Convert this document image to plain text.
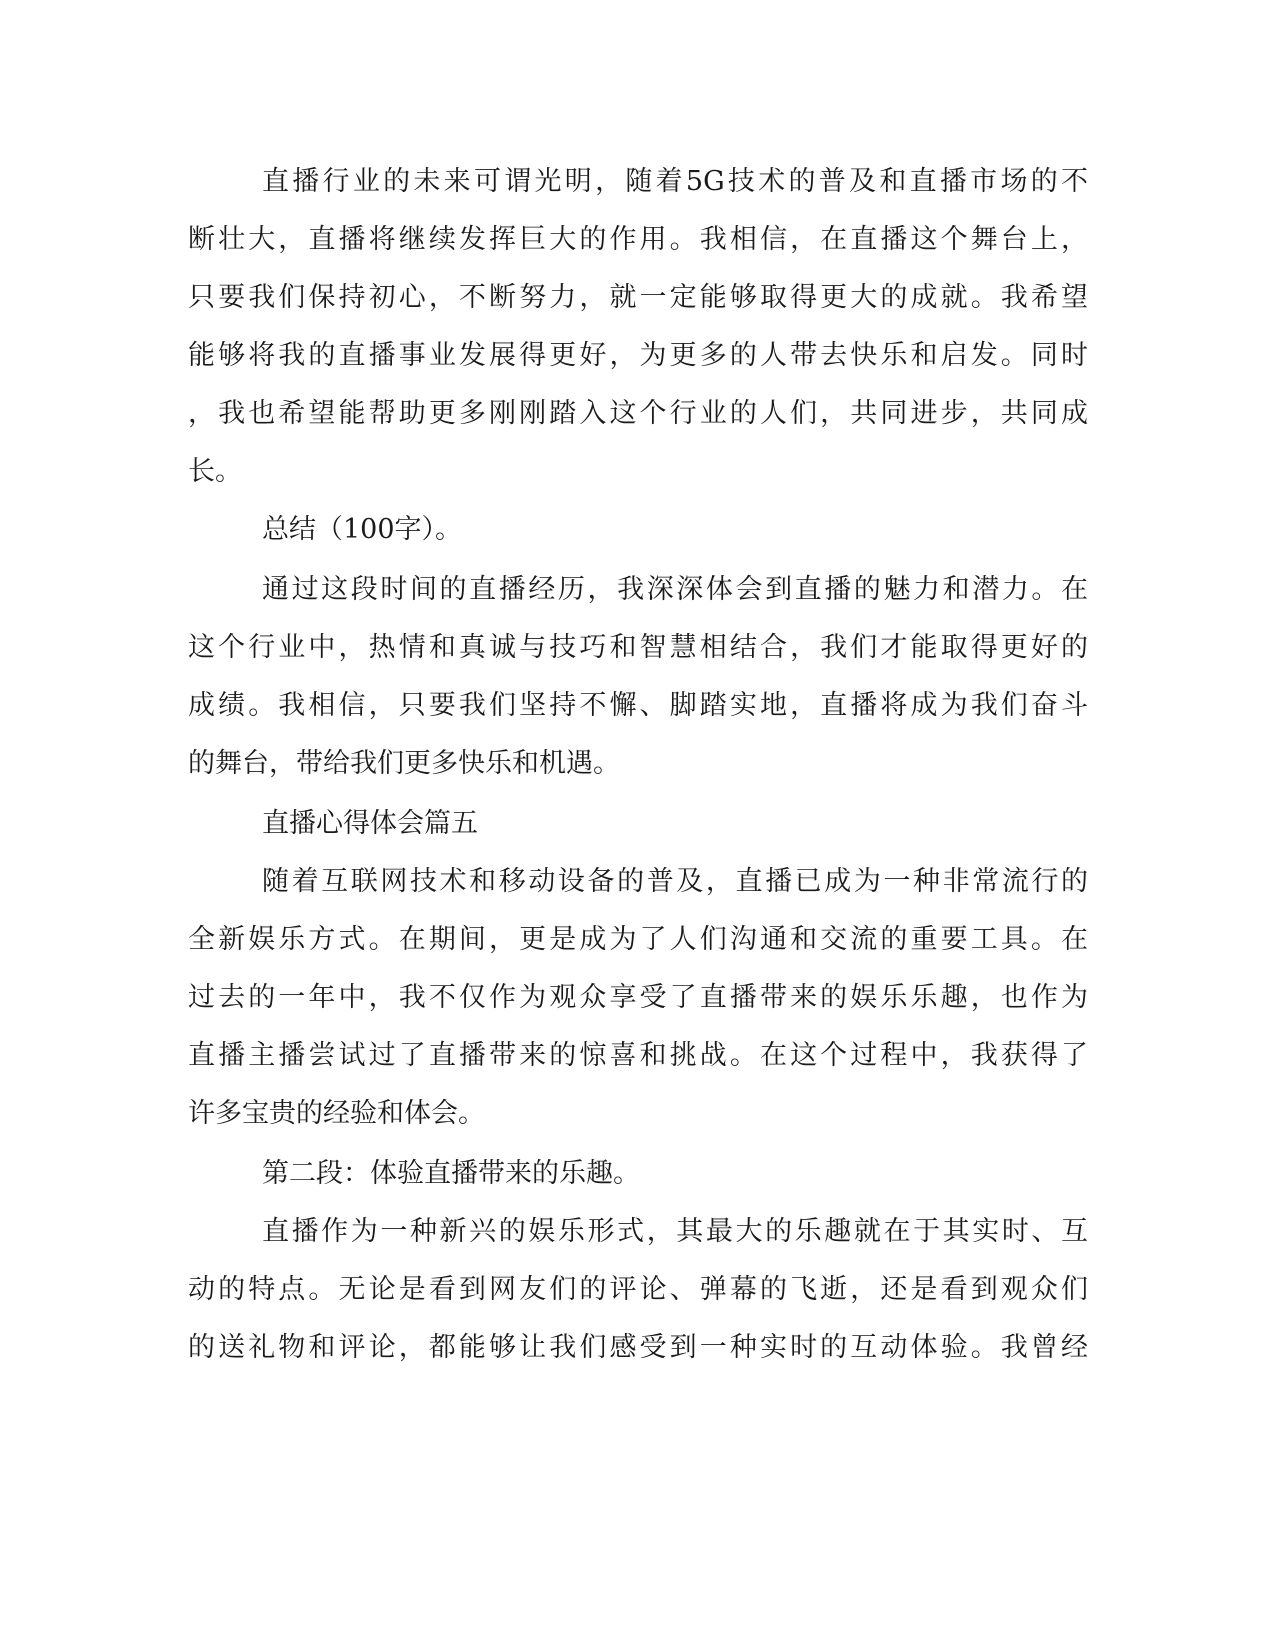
直播行业的未来可谓光明，随着5G技术的普及和直播市场的不
断壮大，直播将继续发挥巨大的作用。我相信，在直播这个舞台上，
只要我们保持初心，不断努力，就一定能够取得更大的成就。我希望
能够将我的直播事业发展得更好，为更多的人带去快乐和启发。同时
，我也希望能帮助更多刚刚踏入这个行业的人们，共同进步，共同成
长。
总结（100字）。
通过这段时间的直播经历，我深深体会到直播的魅力和潜力。在
这个行业中，热情和真诚与技巧和智慧相结合，我们才能取得更好的
成绩。我相信，只要我们坚持不懈、脚踏实地，直播将成为我们奋斗
的舞台，带给我们更多快乐和机遇。
直播心得体会篇五
随着互联网技术和移动设备的普及，直播已成为一种非常流行的
全新娱乐方式。在期间，更是成为了人们沟通和交流的重要工具。在
过去的一年中，我不仅作为观众享受了直播带来的娱乐乐趣，也作为
直播主播尝试过了直播带来的惊喜和挑战。在这个过程中，我获得了
许多宝贵的经验和体会。
第二段：体验直播带来的乐趣。
直播作为一种新兴的娱乐形式，其最大的乐趣就在于其实时、互
动的特点。无论是看到网友们的评论、弹幕的飞逝，还是看到观众们
的送礼物和评论，都能够让我们感受到一种实时的互动体验。我曾经
